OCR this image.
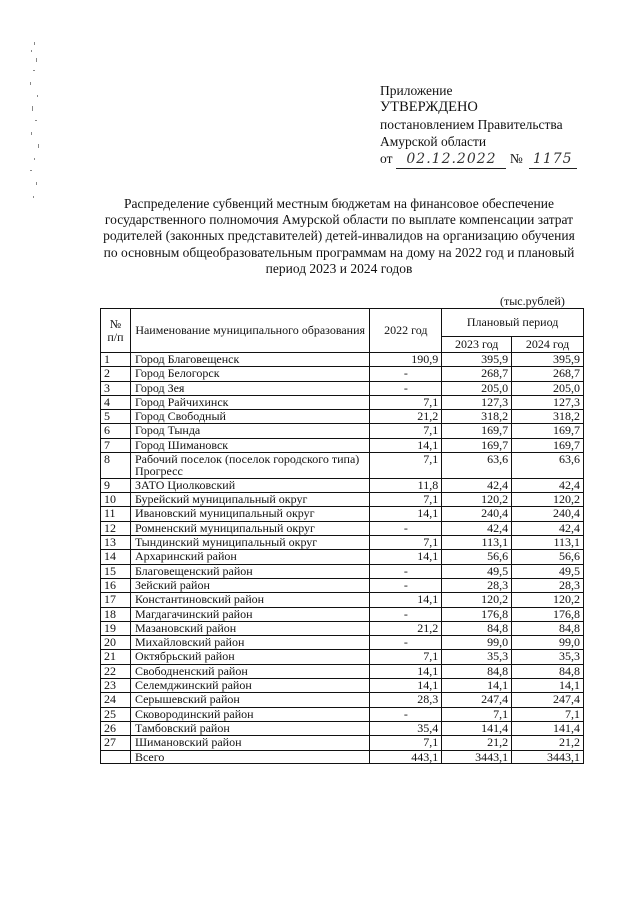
Приложение
УТВЕРЖДЕНО
постановлением Правительства
Амурской области
от 02.12.2022 № 1175
Распределение субвенций местным бюджетам на финансовое обеспечение государственного полномочия Амурской области по выплате компенсации затрат родителей (законных представителей) детей-инвалидов на организацию обучения по основным общеобразовательным программам на дому на 2022 год и плановый период 2023 и 2024 годов
(тыс.рублей)
№ п/п	Наименование муниципального образования	2022 год	Плановый период	
			2023 год	2024 год
1	Город Благовещенск	190,9	395,9	395,9
2	Город Белогорск	-	268,7	268,7
3	Город Зея	-	205,0	205,0
4	Город Райчихинск	7,1	127,3	127,3
5	Город Свободный	21,2	318,2	318,2
6	Город Тында	7,1	169,7	169,7
7	Город Шимановск	14,1	169,7	169,7
8	Рабочий поселок (поселок городского типа) Прогресс	7,1	63,6	63,6
9	ЗАТО Циолковский	11,8	42,4	42,4
10	Бурейский муниципальный округ	7,1	120,2	120,2
11	Ивановский муниципальный округ	14,1	240,4	240,4
12	Ромненский муниципальный округ	-	42,4	42,4
13	Тындинский муниципальный округ	7,1	113,1	113,1
14	Архаринский район	14,1	56,6	56,6
15	Благовещенский район	-	49,5	49,5
16	Зейский район	-	28,3	28,3
17	Константиновский район	14,1	120,2	120,2
18	Магдагачинский район	-	176,8	176,8
19	Мазановский район	21,2	84,8	84,8
20	Михайловский район	-	99,0	99,0
21	Октябрьский район	7,1	35,3	35,3
22	Свободненский район	14,1	84,8	84,8
23	Селемджинский район	14,1	14,1	14,1
24	Серышевский район	28,3	247,4	247,4
25	Сковородинский район	-	7,1	7,1
26	Тамбовский район	35,4	141,4	141,4
27	Шимановский район	7,1	21,2	21,2
	Всего	443,1	3443,1	3443,1
